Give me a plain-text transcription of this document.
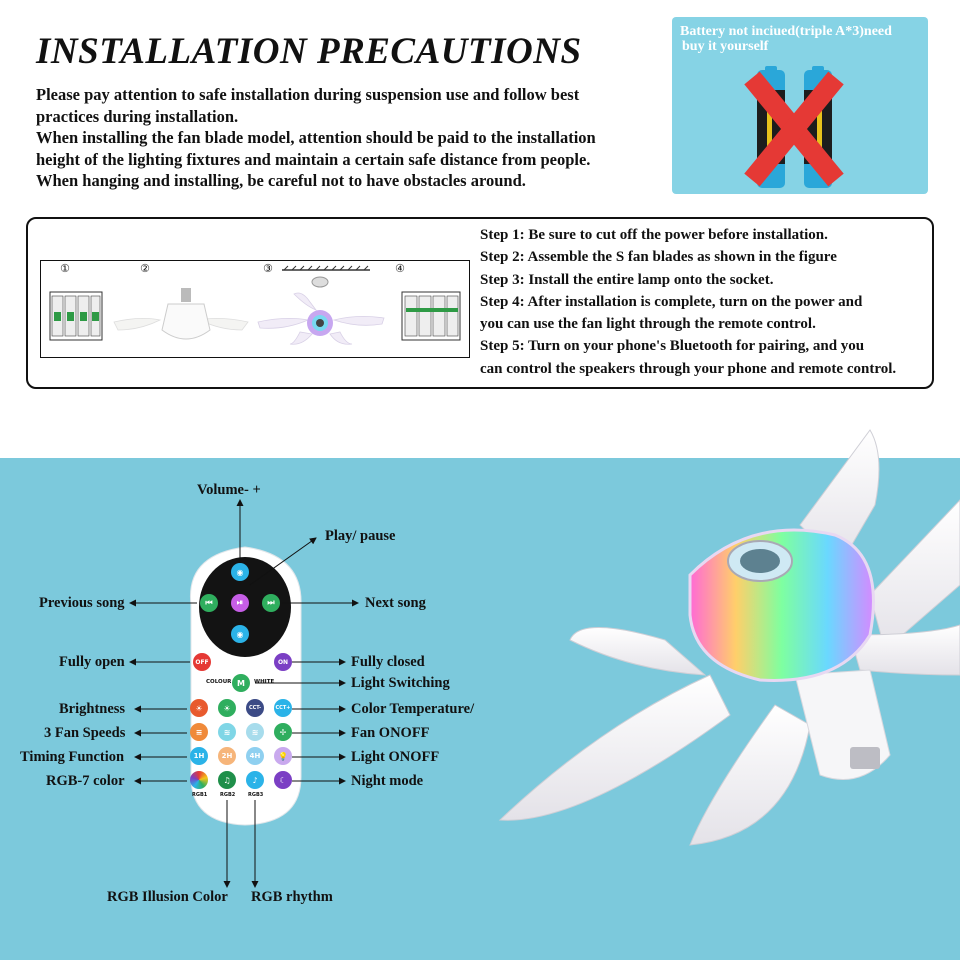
INSTALLATION PRECAUTIONS
Please pay attention to safe installation during suspension use and follow best
practices during installation.
When installing the fan blade model, attention should be paid to the installation
height of the lighting fixtures and maintain a certain safe distance from people.
When hanging and installing, be careful not to have obstacles around.
Battery not inciued(triple A*3)need
buy it yourself
①	②	③	④
Step 1: Be sure to cut off the power before installation.
Step 2: Assemble the S fan blades as shown in the figure
Step 3: Install the entire lamp onto the socket.
Step 4: After installation is complete, turn on the power and
you can use the fan light through the remote control.
Step 5: Turn on your phone's Bluetooth for pairing, and you
can control the speakers through your phone and remote control.
◉
⏮	⏯	⏭
◉
OFF	ON
COLOUR M	WHITE
☀	☀	CCT-	CCT+
≡	≋	≋	✢
1H	2H	4H	💡
♫	♪	☾
RGB1	RGB2	RGB3
Volume- +
Play/ pause
Previous song
Fully open
Brightness
3 Fan Speeds
Timing Function
RGB-7 color
Next song
Fully closed
Light Switching
Color Temperature/
Fan ONOFF
Light ONOFF
Night mode
RGB Illusion Color RGB rhythm
